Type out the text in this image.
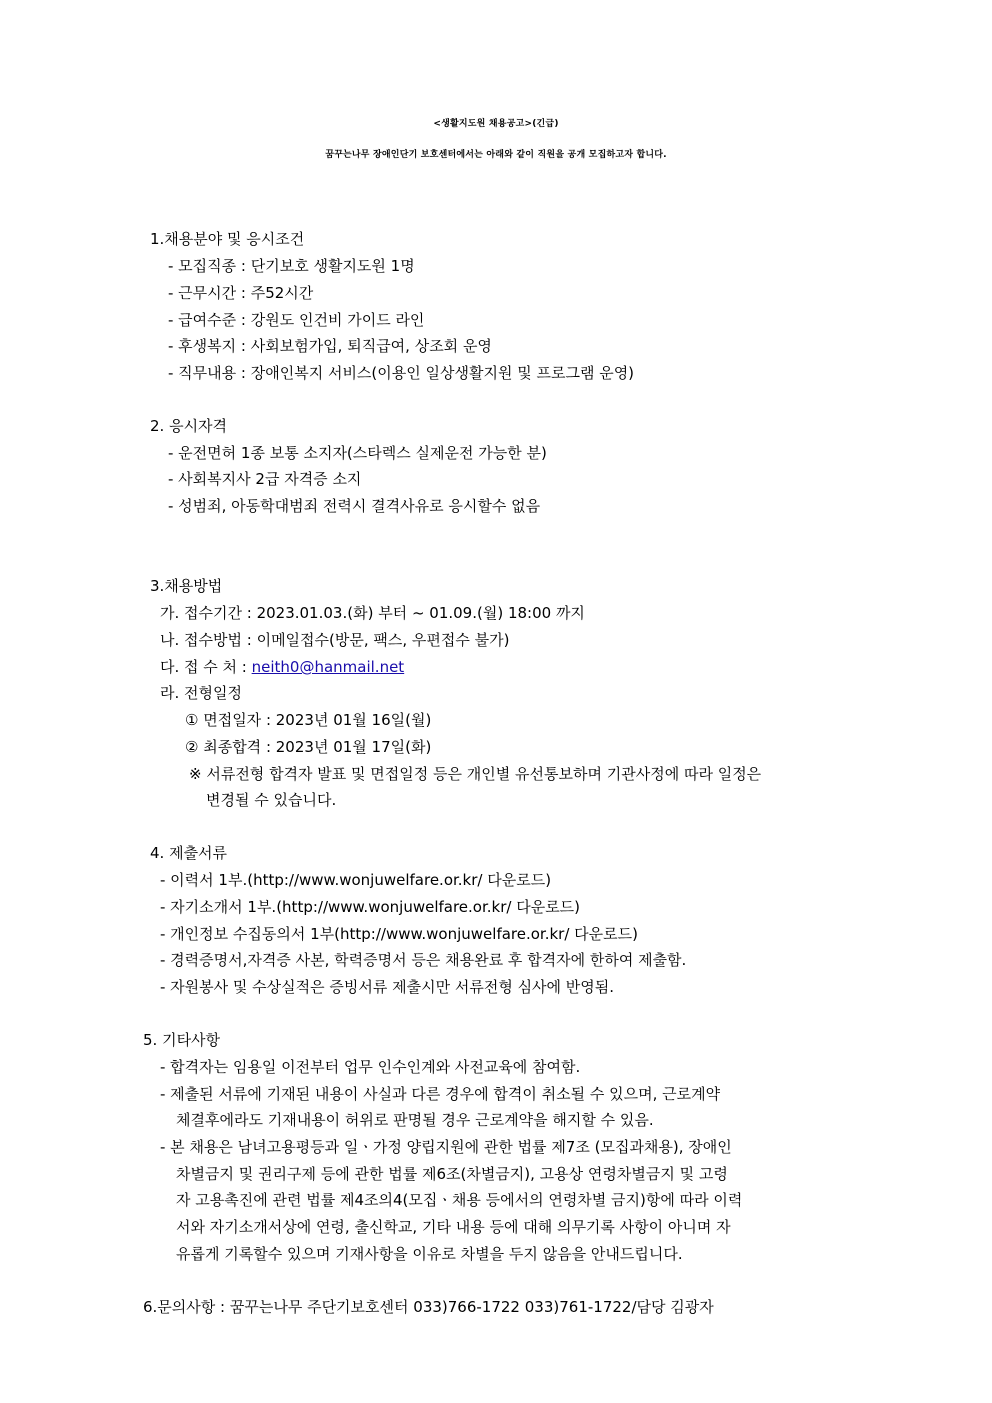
<생활지도원 채용공고>(긴급)
꿈꾸는나무 장애인단기 보호센터에서는 아래와 같이 직원을 공개 모집하고자 합니다.
1.채용분야 및 응시조건
- 모집직종 : 단기보호 생활지도원 1명
- 근무시간 : 주52시간
- 급여수준 : 강원도 인건비 가이드 라인
- 후생복지 : 사회보험가입, 퇴직급여, 상조회 운영
- 직무내용 : 장애인복지 서비스(이용인 일상생활지원 및 프로그램 운영)
2. 응시자격
- 운전면허 1종 보통 소지자(스타렉스 실제운전 가능한 분)
- 사회복지사 2급 자격증 소지
- 성범죄, 아동학대범죄 전력시 결격사유로 응시할수 없음
3.채용방법
가. 접수기간 : 2023.01.03.(화) 부터 ~ 01.09.(월) 18:00 까지
나. 접수방법 : 이메일접수(방문, 팩스, 우편접수 불가)
다. 접 수 처 : neith0@hanmail.net
라. 전형일정
① 면접일자 : 2023년 01월 16일(월)
② 최종합격 : 2023년 01월 17일(화)
※ 서류전형 합격자 발표 및 면접일정 등은 개인별 유선통보하며 기관사정에 따라 일정은
변경될 수 있습니다.
4. 제출서류
- 이력서 1부.(http://www.wonjuwelfare.or.kr/ 다운로드)
- 자기소개서 1부.(http://www.wonjuwelfare.or.kr/ 다운로드)
- 개인정보 수집동의서 1부(http://www.wonjuwelfare.or.kr/ 다운로드)
- 경력증명서,자격증 사본, 학력증명서 등은 채용완료 후 합격자에 한하여 제출함.
- 자원봉사 및 수상실적은 증빙서류 제출시만 서류전형 심사에 반영됨.
5. 기타사항
- 합격자는 임용일 이전부터 업무 인수인계와 사전교육에 참여함.
- 제출된 서류에 기재된 내용이 사실과 다른 경우에 합격이 취소될 수 있으며, 근로계약
체결후에라도 기재내용이 허위로 판명될 경우 근로계약을 해지할 수 있음.
- 본 채용은 남녀고용평등과 일ㆍ가정 양립지원에 관한 법률 제7조 (모집과채용), 장애인
차별금지 및 권리구제 등에 관한 법률 제6조(차별금지), 고용상 연령차별금지 및 고령
자 고용촉진에 관련 법률 제4조의4(모집ㆍ채용 등에서의 연령차별 금지)항에 따라 이력
서와 자기소개서상에 연령, 출신학교, 기타 내용 등에 대해 의무기록 사항이 아니며 자
유롭게 기록할수 있으며 기재사항을 이유로 차별을 두지 않음을 안내드립니다.
6.문의사항 : 꿈꾸는나무 주단기보호센터 033)766-1722 033)761-1722/담당 김광자
